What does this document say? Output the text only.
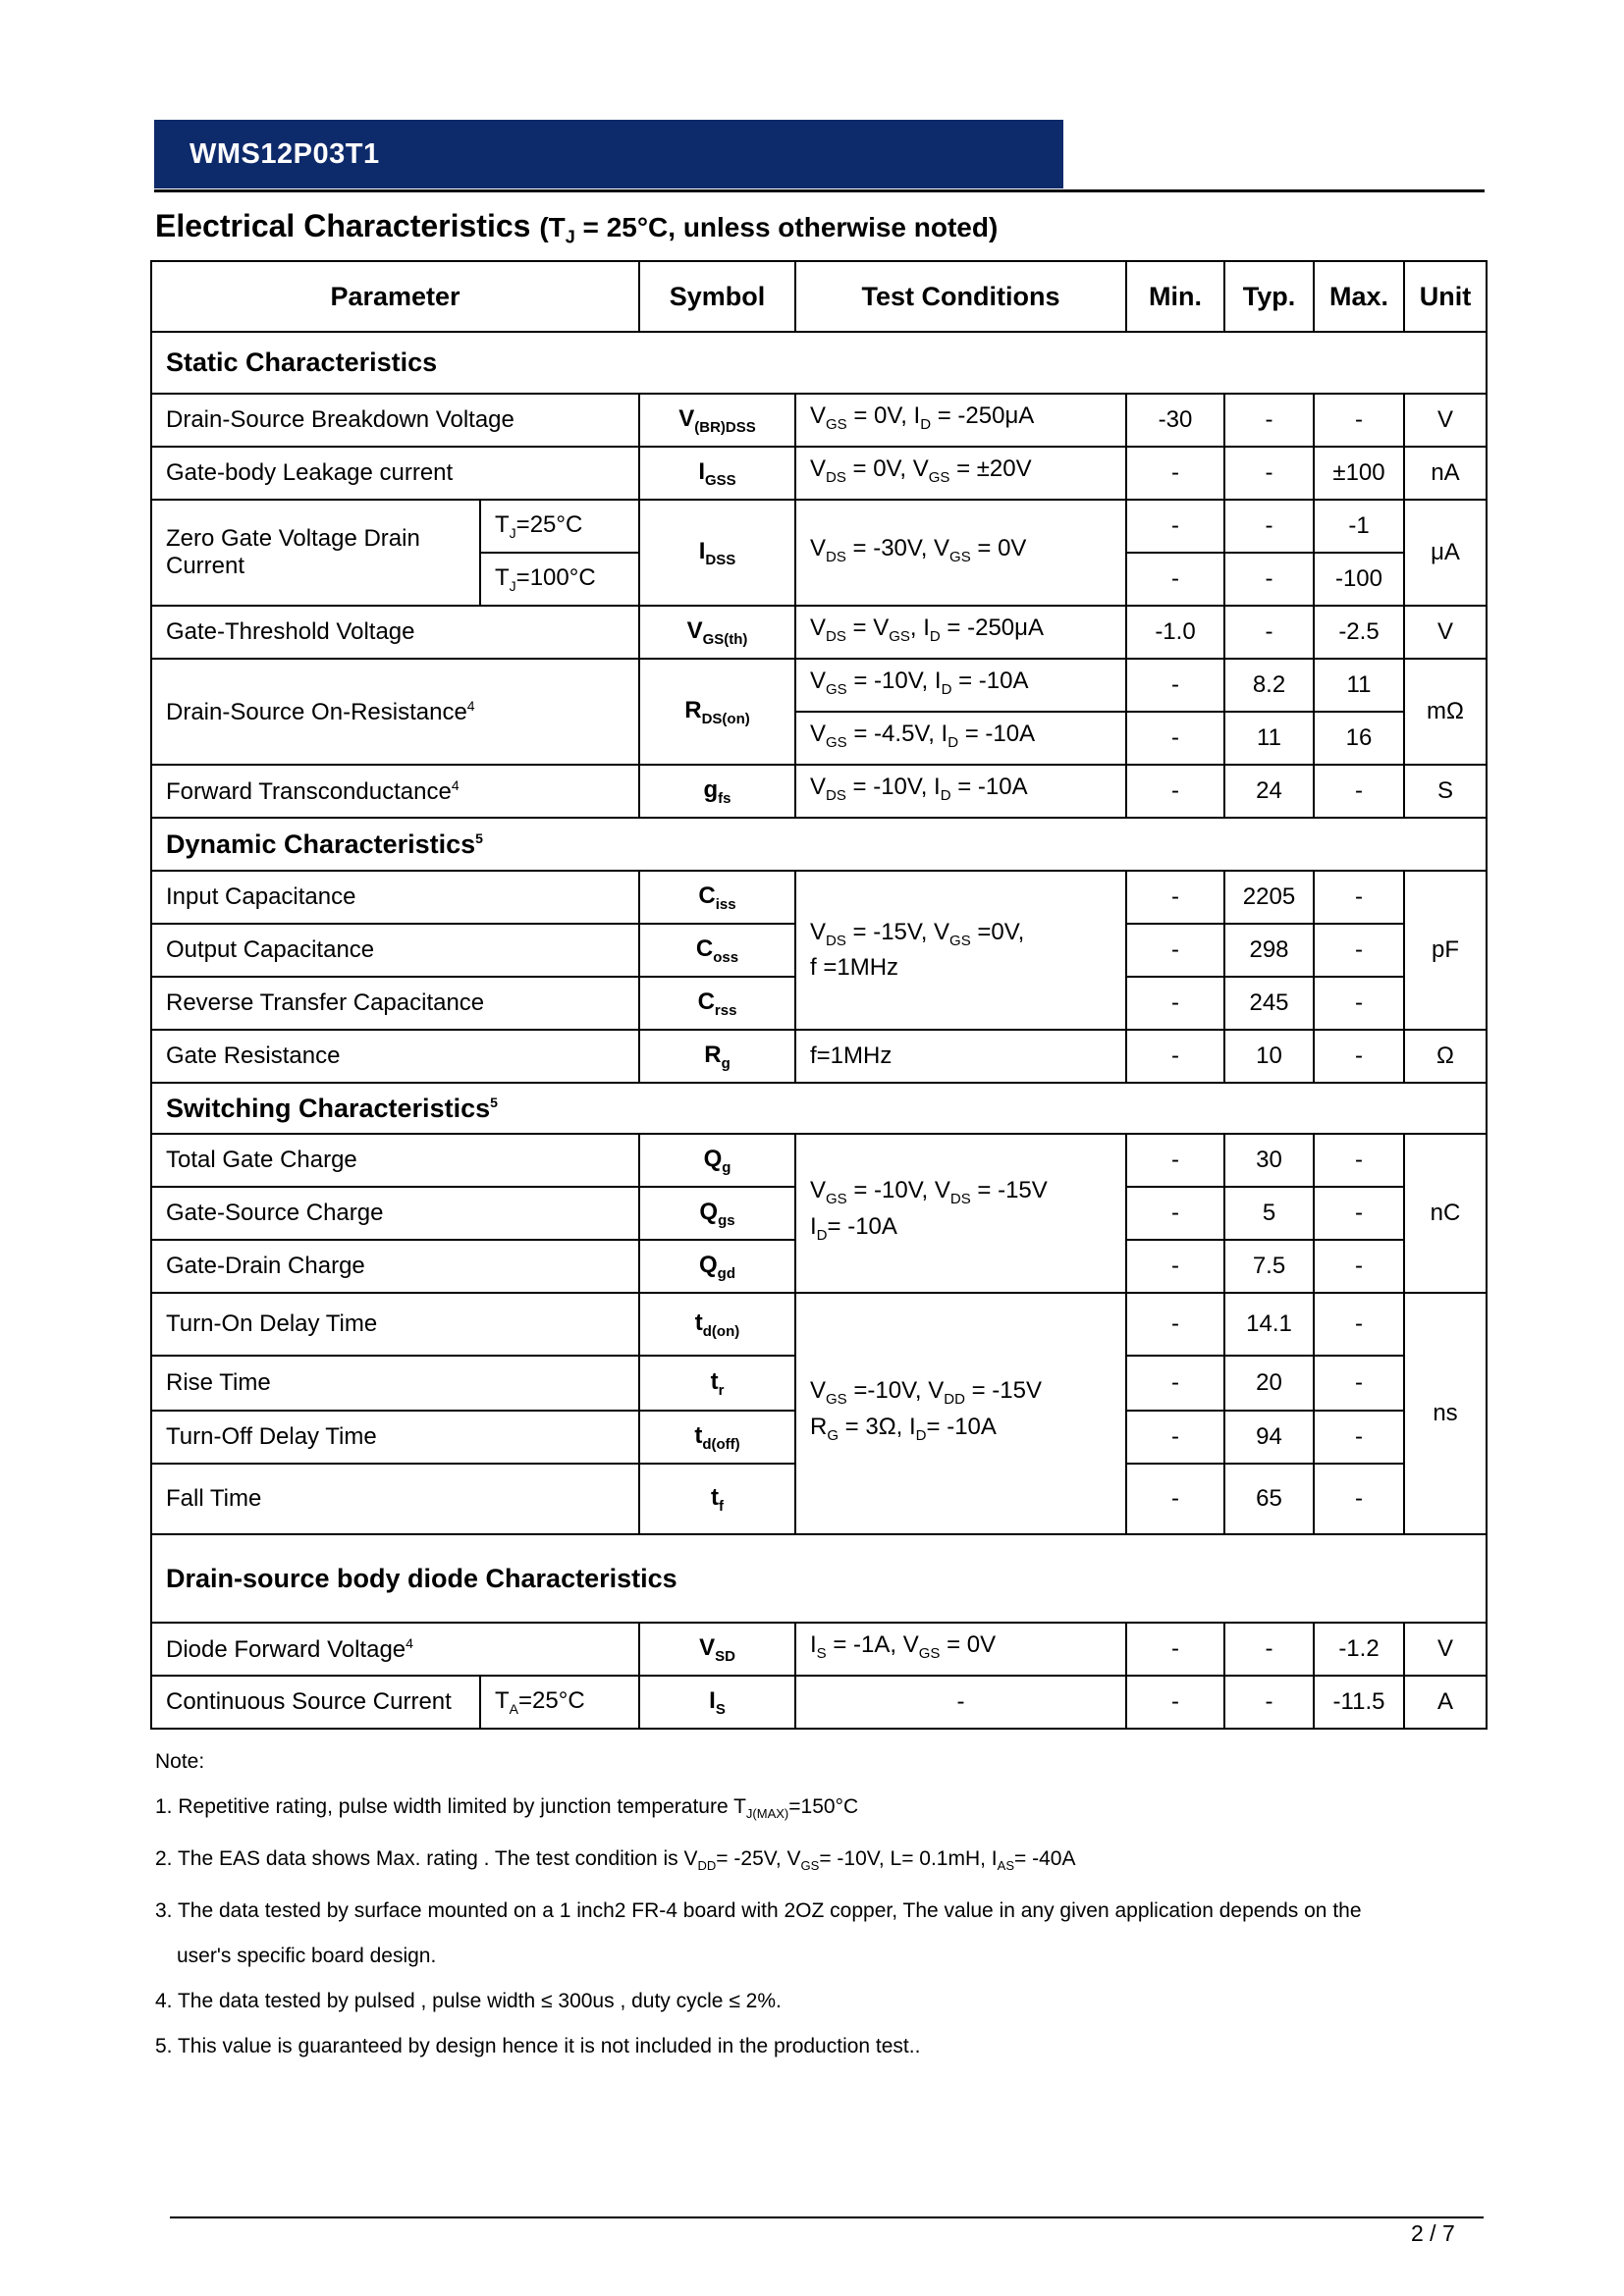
WMS12P03T1
Electrical Characteristics ($T_J = 25^\circ C$, unless otherwise noted)
Parameter		Symbol	Test Conditions	Min.	Typ.	Max.	Unit
Static Characteristics							
Drain-Source Breakdown Voltage		$V_{(BR)DSS}$	$V_{GS} = 0V$, $I_D = -250\mu A$	-30	-	-	V
Gate-body Leakage current		$I_{GSS}$	$V_{DS} = 0V$, $V_{GS} = \pm 20V$	-	-	±100	nA
Zero Gate Voltage Drain Current	$T_J=25^\circ C$	$I_{DSS}$	$V_{DS} = -30V$, $V_{GS} = 0V$	-	-	-1	μA
	$T_J=100^\circ C$			-	-	-100	
Gate-Threshold Voltage		$V_{GS(th)}$	$V_{DS} = V_{GS}$, $I_D = -250\mu A$	-1.0	-	-2.5	V
Drain-Source On-Resistance$^4$		$R_{DS(on)}$	$V_{GS} = -10V$, $I_D = -10A$	-	8.2	11	mΩ
			$V_{GS} = -4.5V$, $I_D = -10A$	-	11	16	
Forward Transconductance$^4$		$g_{fs}$	$V_{DS} = -10V$, $I_D = -10A$	-	24	-	S
Dynamic Characteristics$^5$
Input Capacitance		$C_{iss}$	$V_{DS} = -15V$, $V_{GS} =0V$,
f =1MHz	-	2205	-	pF
Output Capacitance		$C_{oss}$		-	298	-	
Reverse Transfer Capacitance		$C_{rss}$		-	245	-	
Gate Resistance		$R_g$	f=1MHz	-	10	-	Ω
Switching Characteristics$^5$
Total Gate Charge		$Q_g$	$V_{GS} = -10V$, $V_{DS} = -15V$
$I_D= -10A$	-	30	-	nC
Gate-Source Charge		$Q_{gs}$		-	5	-	
Gate-Drain Charge		$Q_{gd}$		-	7.5	-	
Turn-On Delay Time		$t_{d(on)}$	$V_{GS} =-10V$, $V_{DD} = -15V$
$R_G = 3\Omega$, $I_D= -10A$	-	14.1	-	ns
Rise Time		$t_r$		-	20	-	
Turn-Off Delay Time		$t_{d(off)}$		-	94	-	
Fall Time		$t_f$		-	65	-	
Drain-source body diode Characteristics							
Diode Forward Voltage$^4$		$V_{SD}$	$I_S = -1A$, $V_{GS} = 0V$	-	-	-1.2	V
Continuous Source Current	$T_A=25^\circ C$	$I_S$	-	-	-	-11.5	A
Note:
1. Repetitive rating, pulse width limited by junction temperature $T_{J(MAX)}=150^\circ C$
2. The EAS data shows Max. rating . The test condition is $V_{DD}= -25V$, $V_{GS}= -10V$, L= 0.1mH, $I_{AS}= -40A$
3. The data tested by surface mounted on a 1 inch2 FR-4 board with 2OZ copper, The value in any given application depends on the
user's specific board design.
4. The data tested by pulsed , pulse width ≤ 300us , duty cycle ≤ 2%.
5. This value is guaranteed by design hence it is not included in the production test..
2 / 7
